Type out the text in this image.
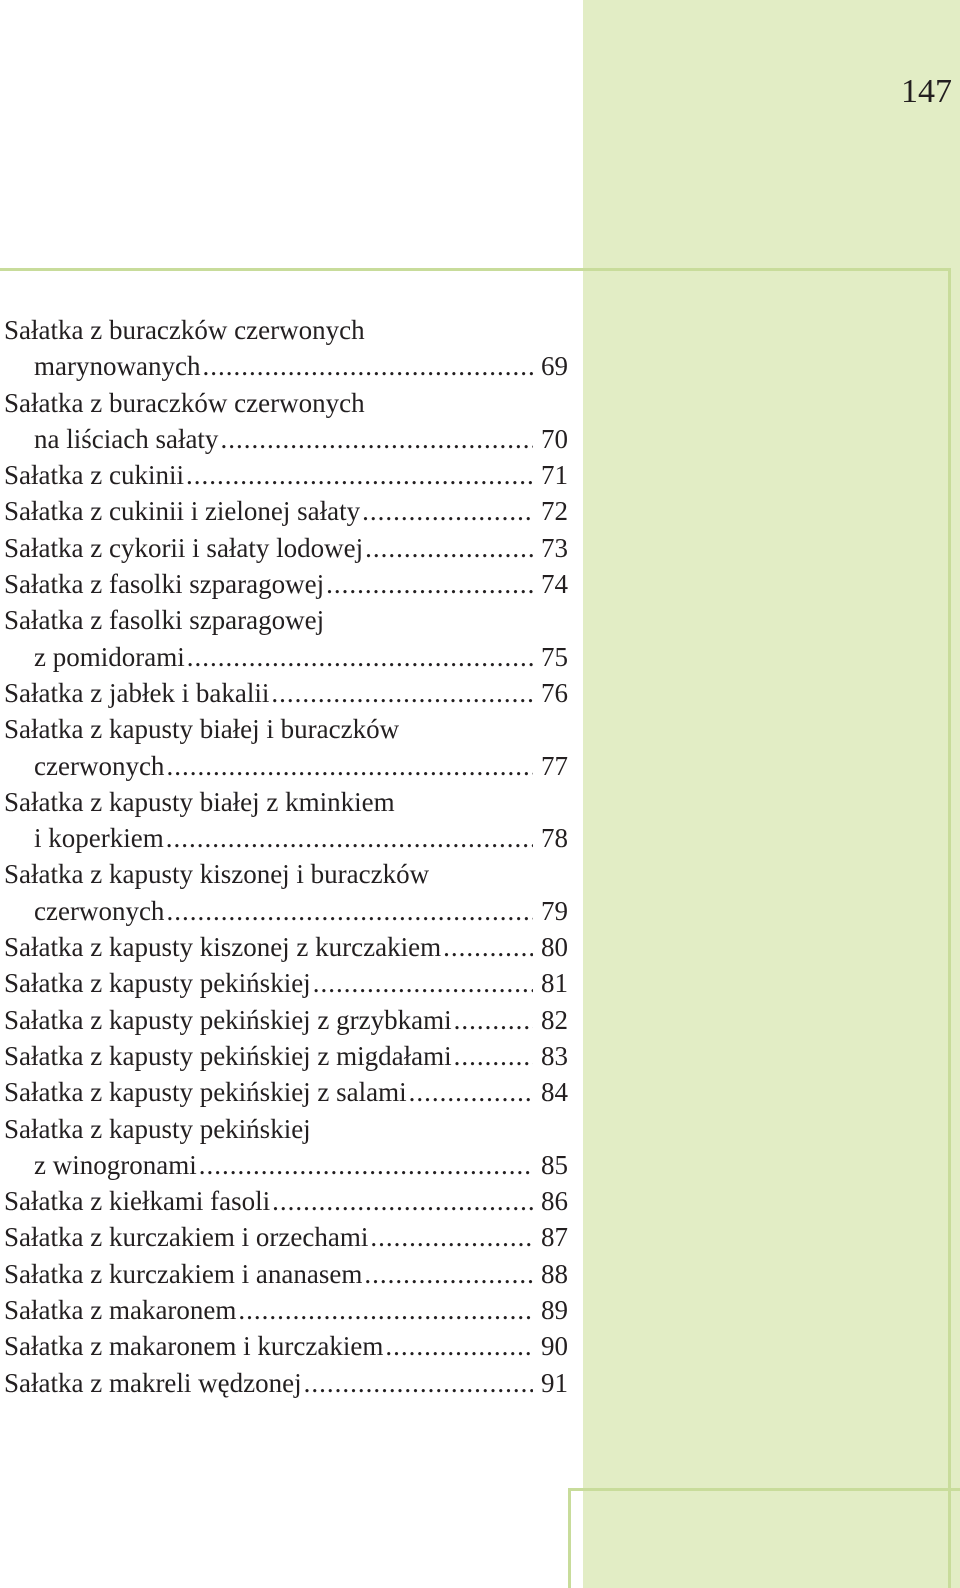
147
Sałatka z buraczków czerwonych
marynowanych .....	69
Sałatka z buraczków czerwonych
na liściach sałaty .....	70
Sałatka z cukinii .....	71
Sałatka z cukinii i zielonej sałaty .....	72
Sałatka z cykorii i sałaty lodowej .....	73
Sałatka z fasolki szparagowej .....	74
Sałatka z fasolki szparagowej
z pomidorami .....	75
Sałatka z jabłek i bakalii .....	76
Sałatka z kapusty białej i buraczków
czerwonych .....	77
Sałatka z kapusty białej z kminkiem
i koperkiem .....	78
Sałatka z kapusty kiszonej i buraczków
czerwonych .....	79
Sałatka z kapusty kiszonej z kurczakiem .....	80
Sałatka z kapusty pekińskiej .....	81
Sałatka z kapusty pekińskiej z grzybkami .....	82
Sałatka z kapusty pekińskiej z migdałami .....	83
Sałatka z kapusty pekińskiej z salami .....	84
Sałatka z kapusty pekińskiej
z winogronami .....	85
Sałatka z kiełkami fasoli .....	86
Sałatka z kurczakiem i orzechami .....	87
Sałatka z kurczakiem i ananasem .....	88
Sałatka z makaronem .....	89
Sałatka z makaronem i kurczakiem .....	90
Sałatka z makreli wędzonej .....	91
